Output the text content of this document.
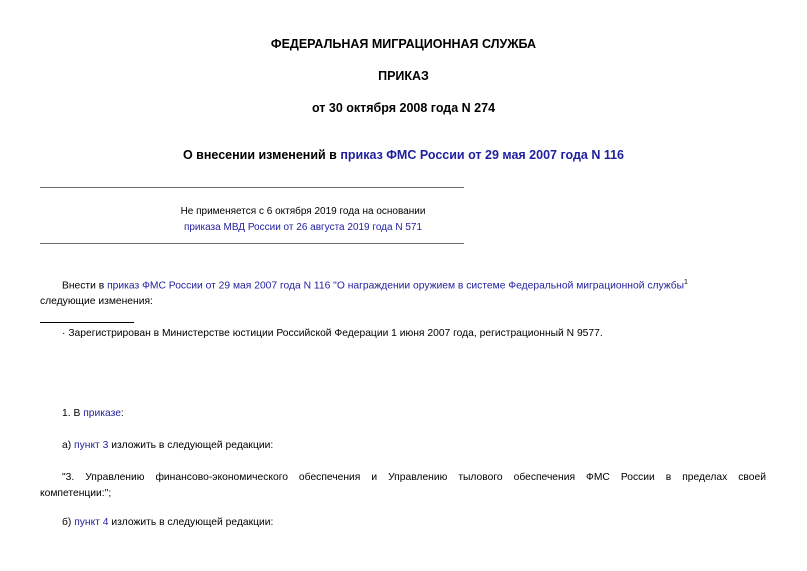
ФЕДЕРАЛЬНАЯ МИГРАЦИОННАЯ СЛУЖБА
ПРИКАЗ
от 30 октября 2008 года N 274
О внесении изменений в приказ ФМС России от 29 мая 2007 года N 116
Не применяется с 6 октября 2019 года на основании
приказа МВД России от 26 августа 2019 года N 571
Внести в приказ ФМС России от 29 мая 2007 года N 116 "О награждении оружием в системе Федеральной миграционной службы$^1$
следующие изменения:
· Зарегистрирован в Министерстве юстиции Российской Федерации 1 июня 2007 года, регистрационный N 9577.
1. В приказе:
а) пункт 3 изложить в следующей редакции:
"3. Управлению финансово-экономического обеспечения и Управлению тылового обеспечения ФМС России в пределах своей
компетенции:";
б) пункт 4 изложить в следующей редакции:
